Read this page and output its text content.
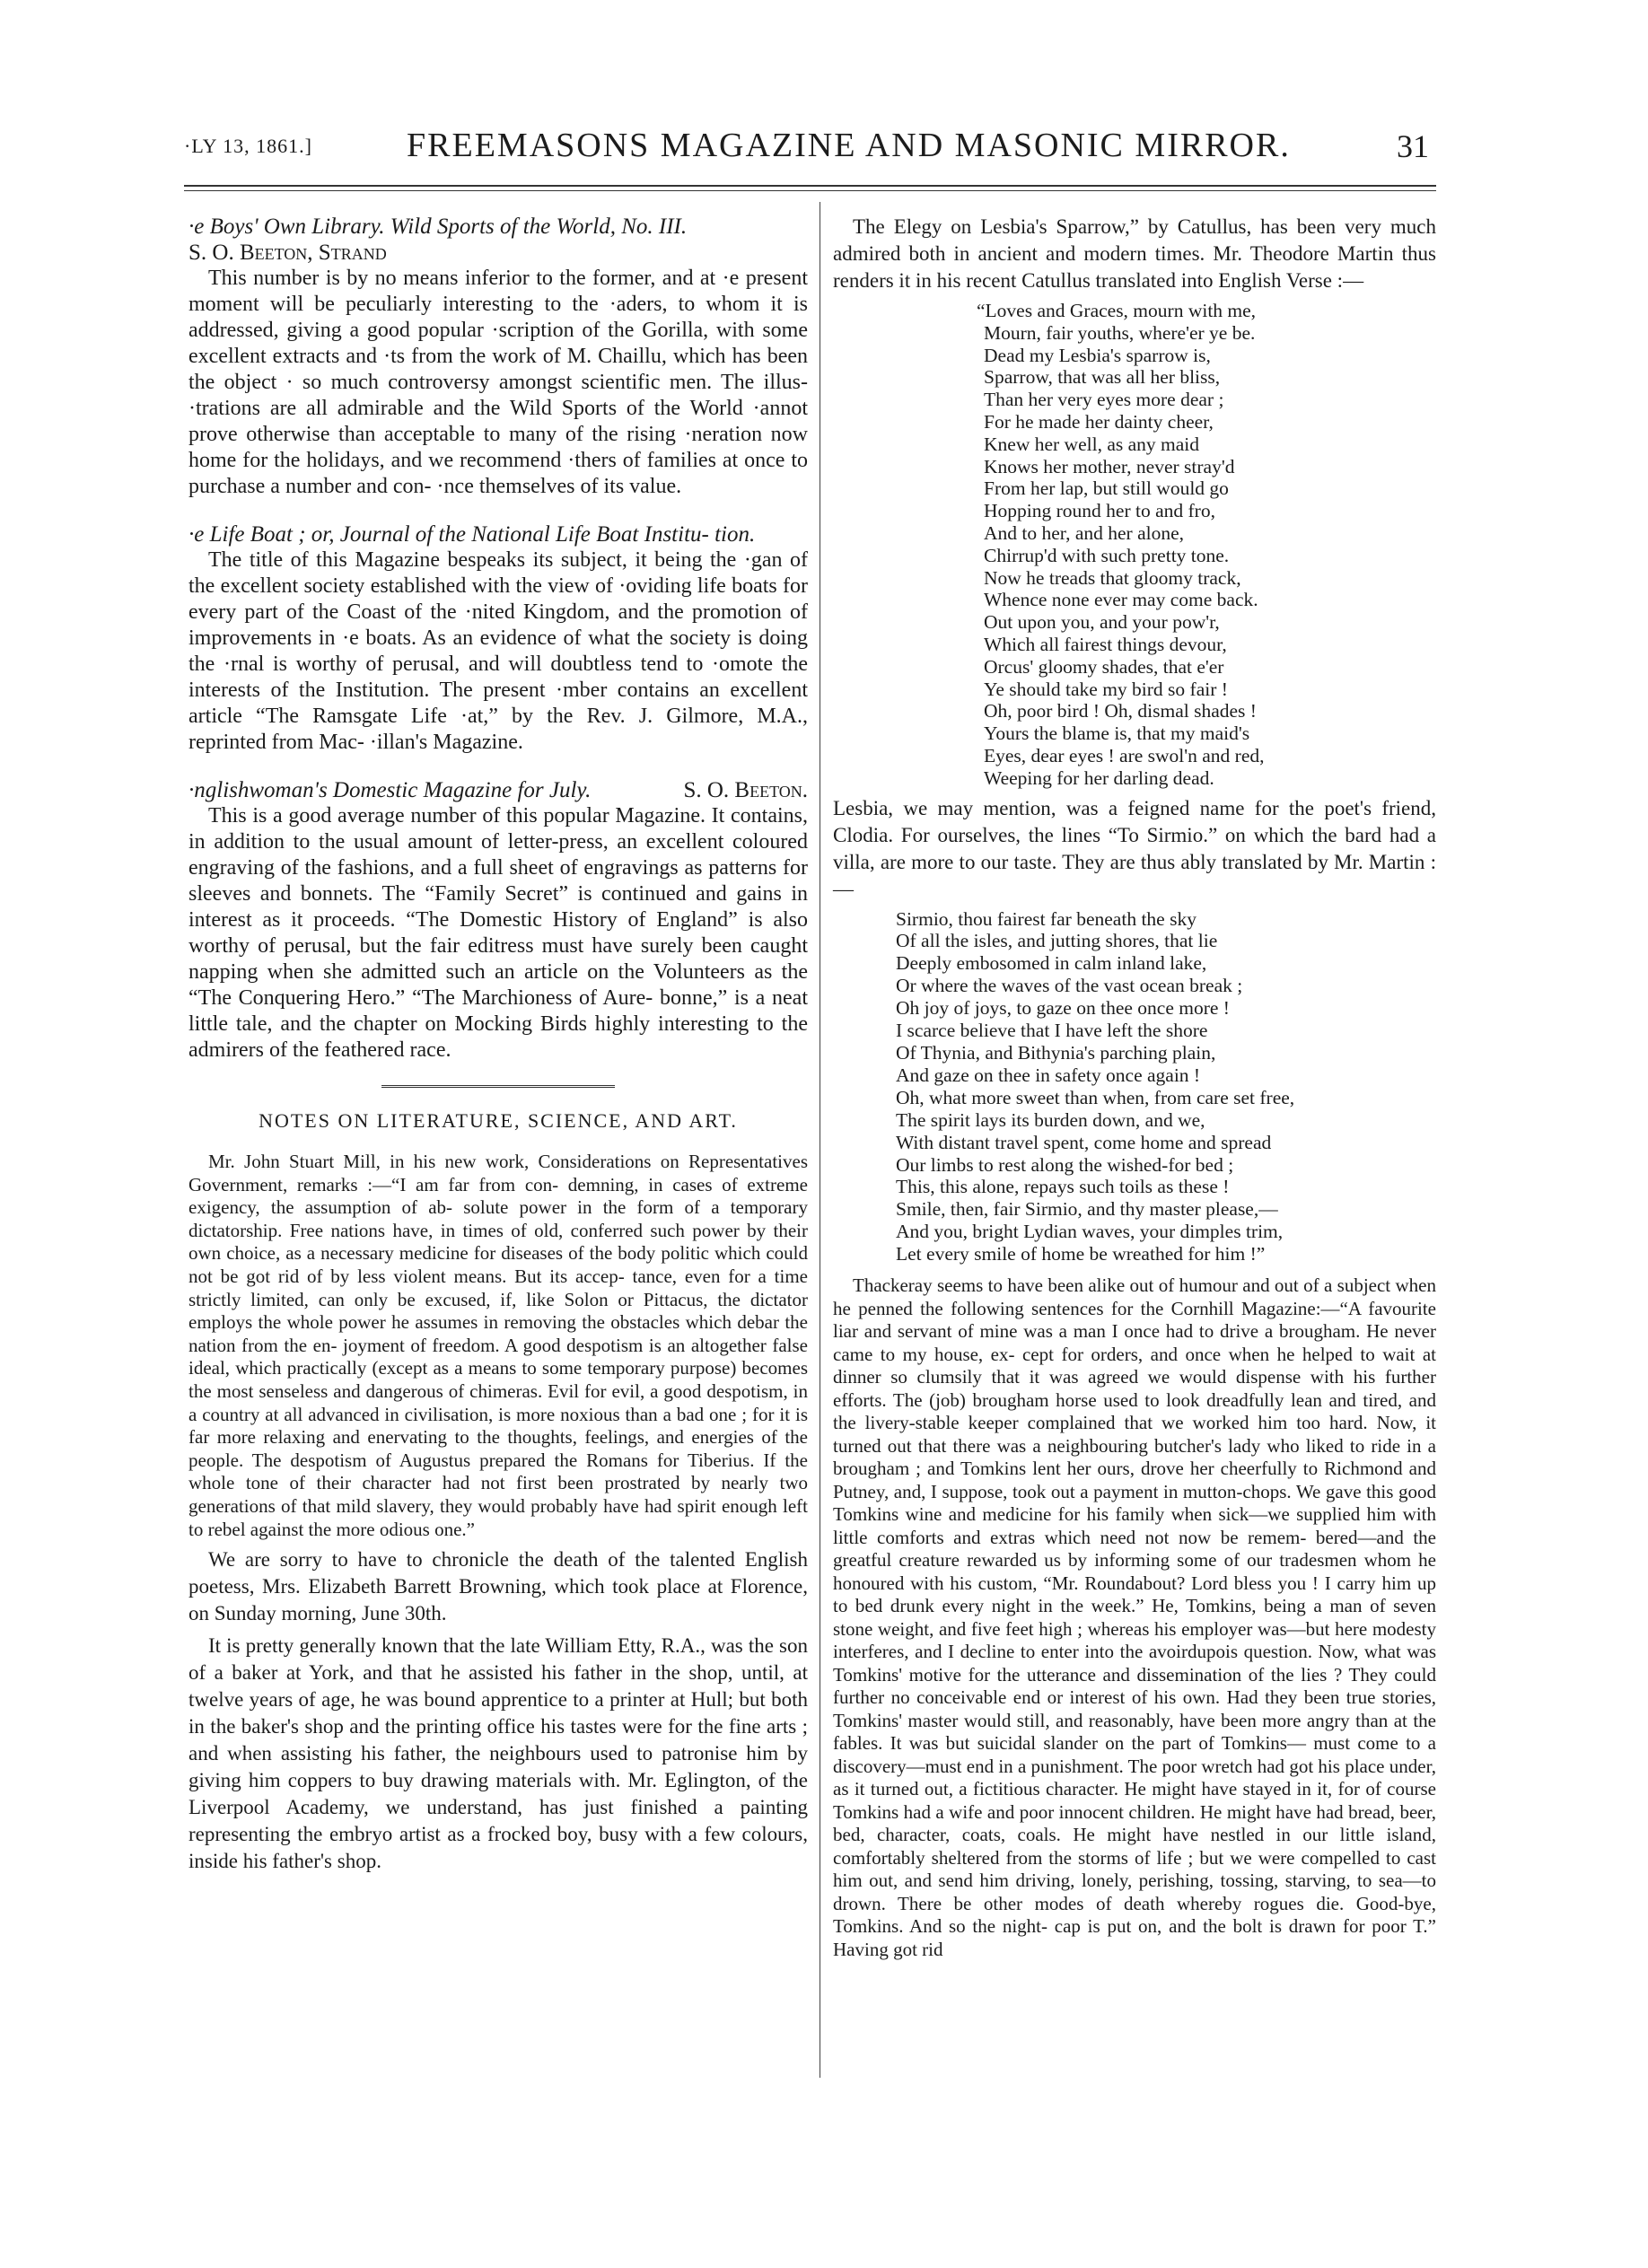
·LY 13, 1861.]	FREEMASONS MAGAZINE AND MASONIC MIRROR.	31

·e Boys' Own Library. Wild Sports of the World, No. III.
S. O. Beeton, Strand

This number is by no means inferior to the former, and at ·e present moment will be peculiarly interesting to the ·aders, to whom it is addressed, giving a good popular ·scription of the Gorilla, with some excellent extracts and ·ts from the work of M. Chaillu, which has been the object · so much controversy amongst scientific men. The illus- ·trations are all admirable and the Wild Sports of the World ·annot prove otherwise than acceptable to many of the rising ·neration now home for the holidays, and we recommend ·thers of families at once to purchase a number and con- ·nce themselves of its value.

·e Life Boat ; or, Journal of the National Life Boat Institu- tion.

The title of this Magazine bespeaks its subject, it being the ·gan of the excellent society established with the view of ·oviding life boats for every part of the Coast of the ·nited Kingdom, and the promotion of improvements in ·e boats. As an evidence of what the society is doing the ·rnal is worthy of perusal, and will doubtless tend to ·omote the interests of the Institution. The present ·mber contains an excellent article “The Ramsgate Life ·at,” by the Rev. J. Gilmore, M.A., reprinted from Mac- ·illan's Magazine.

·nglishwoman's Domestic Magazine for July.	S. O. Beeton.

This is a good average number of this popular Magazine. It contains, in addition to the usual amount of letter-press, an excellent coloured engraving of the fashions, and a full sheet of engravings as patterns for sleeves and bonnets. The “Family Secret” is continued and gains in interest as it proceeds. “The Domestic History of England” is also worthy of perusal, but the fair editress must have surely been caught napping when she admitted such an article on the Volunteers as the “The Conquering Hero.” “The Marchioness of Aure- bonne,” is a neat little tale, and the chapter on Mocking Birds highly interesting to the admirers of the feathered race.

NOTES ON LITERATURE, SCIENCE, AND ART.

Mr. John Stuart Mill, in his new work, Considerations on Representatives Government, remarks :—“I am far from con- demning, in cases of extreme exigency, the assumption of ab- solute power in the form of a temporary dictatorship. Free nations have, in times of old, conferred such power by their own choice, as a necessary medicine for diseases of the body politic which could not be got rid of by less violent means. But its accep- tance, even for a time strictly limited, can only be excused, if, like Solon or Pittacus, the dictator employs the whole power he assumes in removing the obstacles which debar the nation from the en- joyment of freedom. A good despotism is an altogether false ideal, which practically (except as a means to some temporary purpose) becomes the most senseless and dangerous of chimeras. Evil for evil, a good despotism, in a country at all advanced in civilisation, is more noxious than a bad one ; for it is far more relaxing and enervating to the thoughts, feelings, and energies of the people. The despotism of Augustus prepared the Romans for Tiberius. If the whole tone of their character had not first been prostrated by nearly two generations of that mild slavery, they would probably have had spirit enough left to rebel against the more odious one.”

We are sorry to have to chronicle the death of the talented English poetess, Mrs. Elizabeth Barrett Browning, which took place at Florence, on Sunday morning, June 30th.

It is pretty generally known that the late William Etty, R.A., was the son of a baker at York, and that he assisted his father in the shop, until, at twelve years of age, he was bound apprentice to a printer at Hull; but both in the baker's shop and the printing office his tastes were for the fine arts ; and when assisting his father, the neighbours used to patronise him by giving him coppers to buy drawing materials with. Mr. Eglington, of the Liverpool Academy, we understand, has just finished a painting representing the embryo artist as a frocked boy, busy with a few colours, inside his father's shop.

The Elegy on Lesbia's Sparrow,” by Catullus, has been very much admired both in ancient and modern times. Mr. Theodore Martin thus renders it in his recent Catullus translated into English Verse :—

“Loves and Graces, mourn with me,
Mourn, fair youths, where'er ye be.
Dead my Lesbia's sparrow is,
Sparrow, that was all her bliss,
Than her very eyes more dear ;
For he made her dainty cheer,
Knew her well, as any maid
Knows her mother, never stray'd
From her lap, but still would go
Hopping round her to and fro,
And to her, and her alone,
Chirrup'd with such pretty tone.
Now he treads that gloomy track,
Whence none ever may come back.
Out upon you, and your pow'r,
Which all fairest things devour,
Orcus' gloomy shades, that e'er
Ye should take my bird so fair !
Oh, poor bird ! Oh, dismal shades !
Yours the blame is, that my maid's
Eyes, dear eyes ! are swol'n and red,
Weeping for her darling dead.

Lesbia, we may mention, was a feigned name for the poet's friend, Clodia. For ourselves, the lines “To Sirmio.” on which the bard had a villa, are more to our taste. They are thus ably translated by Mr. Martin :—

Sirmio, thou fairest far beneath the sky
Of all the isles, and jutting shores, that lie
Deeply embosomed in calm inland lake,
Or where the waves of the vast ocean break ;
Oh joy of joys, to gaze on thee once more !
I scarce believe that I have left the shore
Of Thynia, and Bithynia's parching plain,
And gaze on thee in safety once again !
Oh, what more sweet than when, from care set free,
The spirit lays its burden down, and we,
With distant travel spent, come home and spread
Our limbs to rest along the wished-for bed ;
This, this alone, repays such toils as these !
Smile, then, fair Sirmio, and thy master please,—
And you, bright Lydian waves, your dimples trim,
Let every smile of home be wreathed for him !”

Thackeray seems to have been alike out of humour and out of a subject when he penned the following sentences for the Cornhill Magazine:—“A favourite liar and servant of mine was a man I once had to drive a brougham. He never came to my house, ex- cept for orders, and once when he helped to wait at dinner so clumsily that it was agreed we would dispense with his further efforts. The (job) brougham horse used to look dreadfully lean and tired, and the livery-stable keeper complained that we worked him too hard. Now, it turned out that there was a neighbouring butcher's lady who liked to ride in a brougham ; and Tomkins lent her ours, drove her cheerfully to Richmond and Putney, and, I suppose, took out a payment in mutton-chops. We gave this good Tomkins wine and medicine for his family when sick—we supplied him with little comforts and extras which need not now be remem- bered—and the greatful creature rewarded us by informing some of our tradesmen whom he honoured with his custom, “Mr. Roundabout? Lord bless you ! I carry him up to bed drunk every night in the week.” He, Tomkins, being a man of seven stone weight, and five feet high ; whereas his employer was—but here modesty interferes, and I decline to enter into the avoirdupois question. Now, what was Tomkins' motive for the utterance and dissemination of the lies ? They could further no conceivable end or interest of his own. Had they been true stories, Tomkins' master would still, and reasonably, have been more angry than at the fables. It was but suicidal slander on the part of Tomkins— must come to a discovery—must end in a punishment. The poor wretch had got his place under, as it turned out, a fictitious character. He might have stayed in it, for of course Tomkins had a wife and poor innocent children. He might have had bread, beer, bed, character, coats, coals. He might have nestled in our little island, comfortably sheltered from the storms of life ; but we were compelled to cast him out, and send him driving, lonely, perishing, tossing, starving, to sea—to drown. There be other modes of death whereby rogues die. Good-bye, Tomkins. And so the night- cap is put on, and the bolt is drawn for poor T.” Having got rid
